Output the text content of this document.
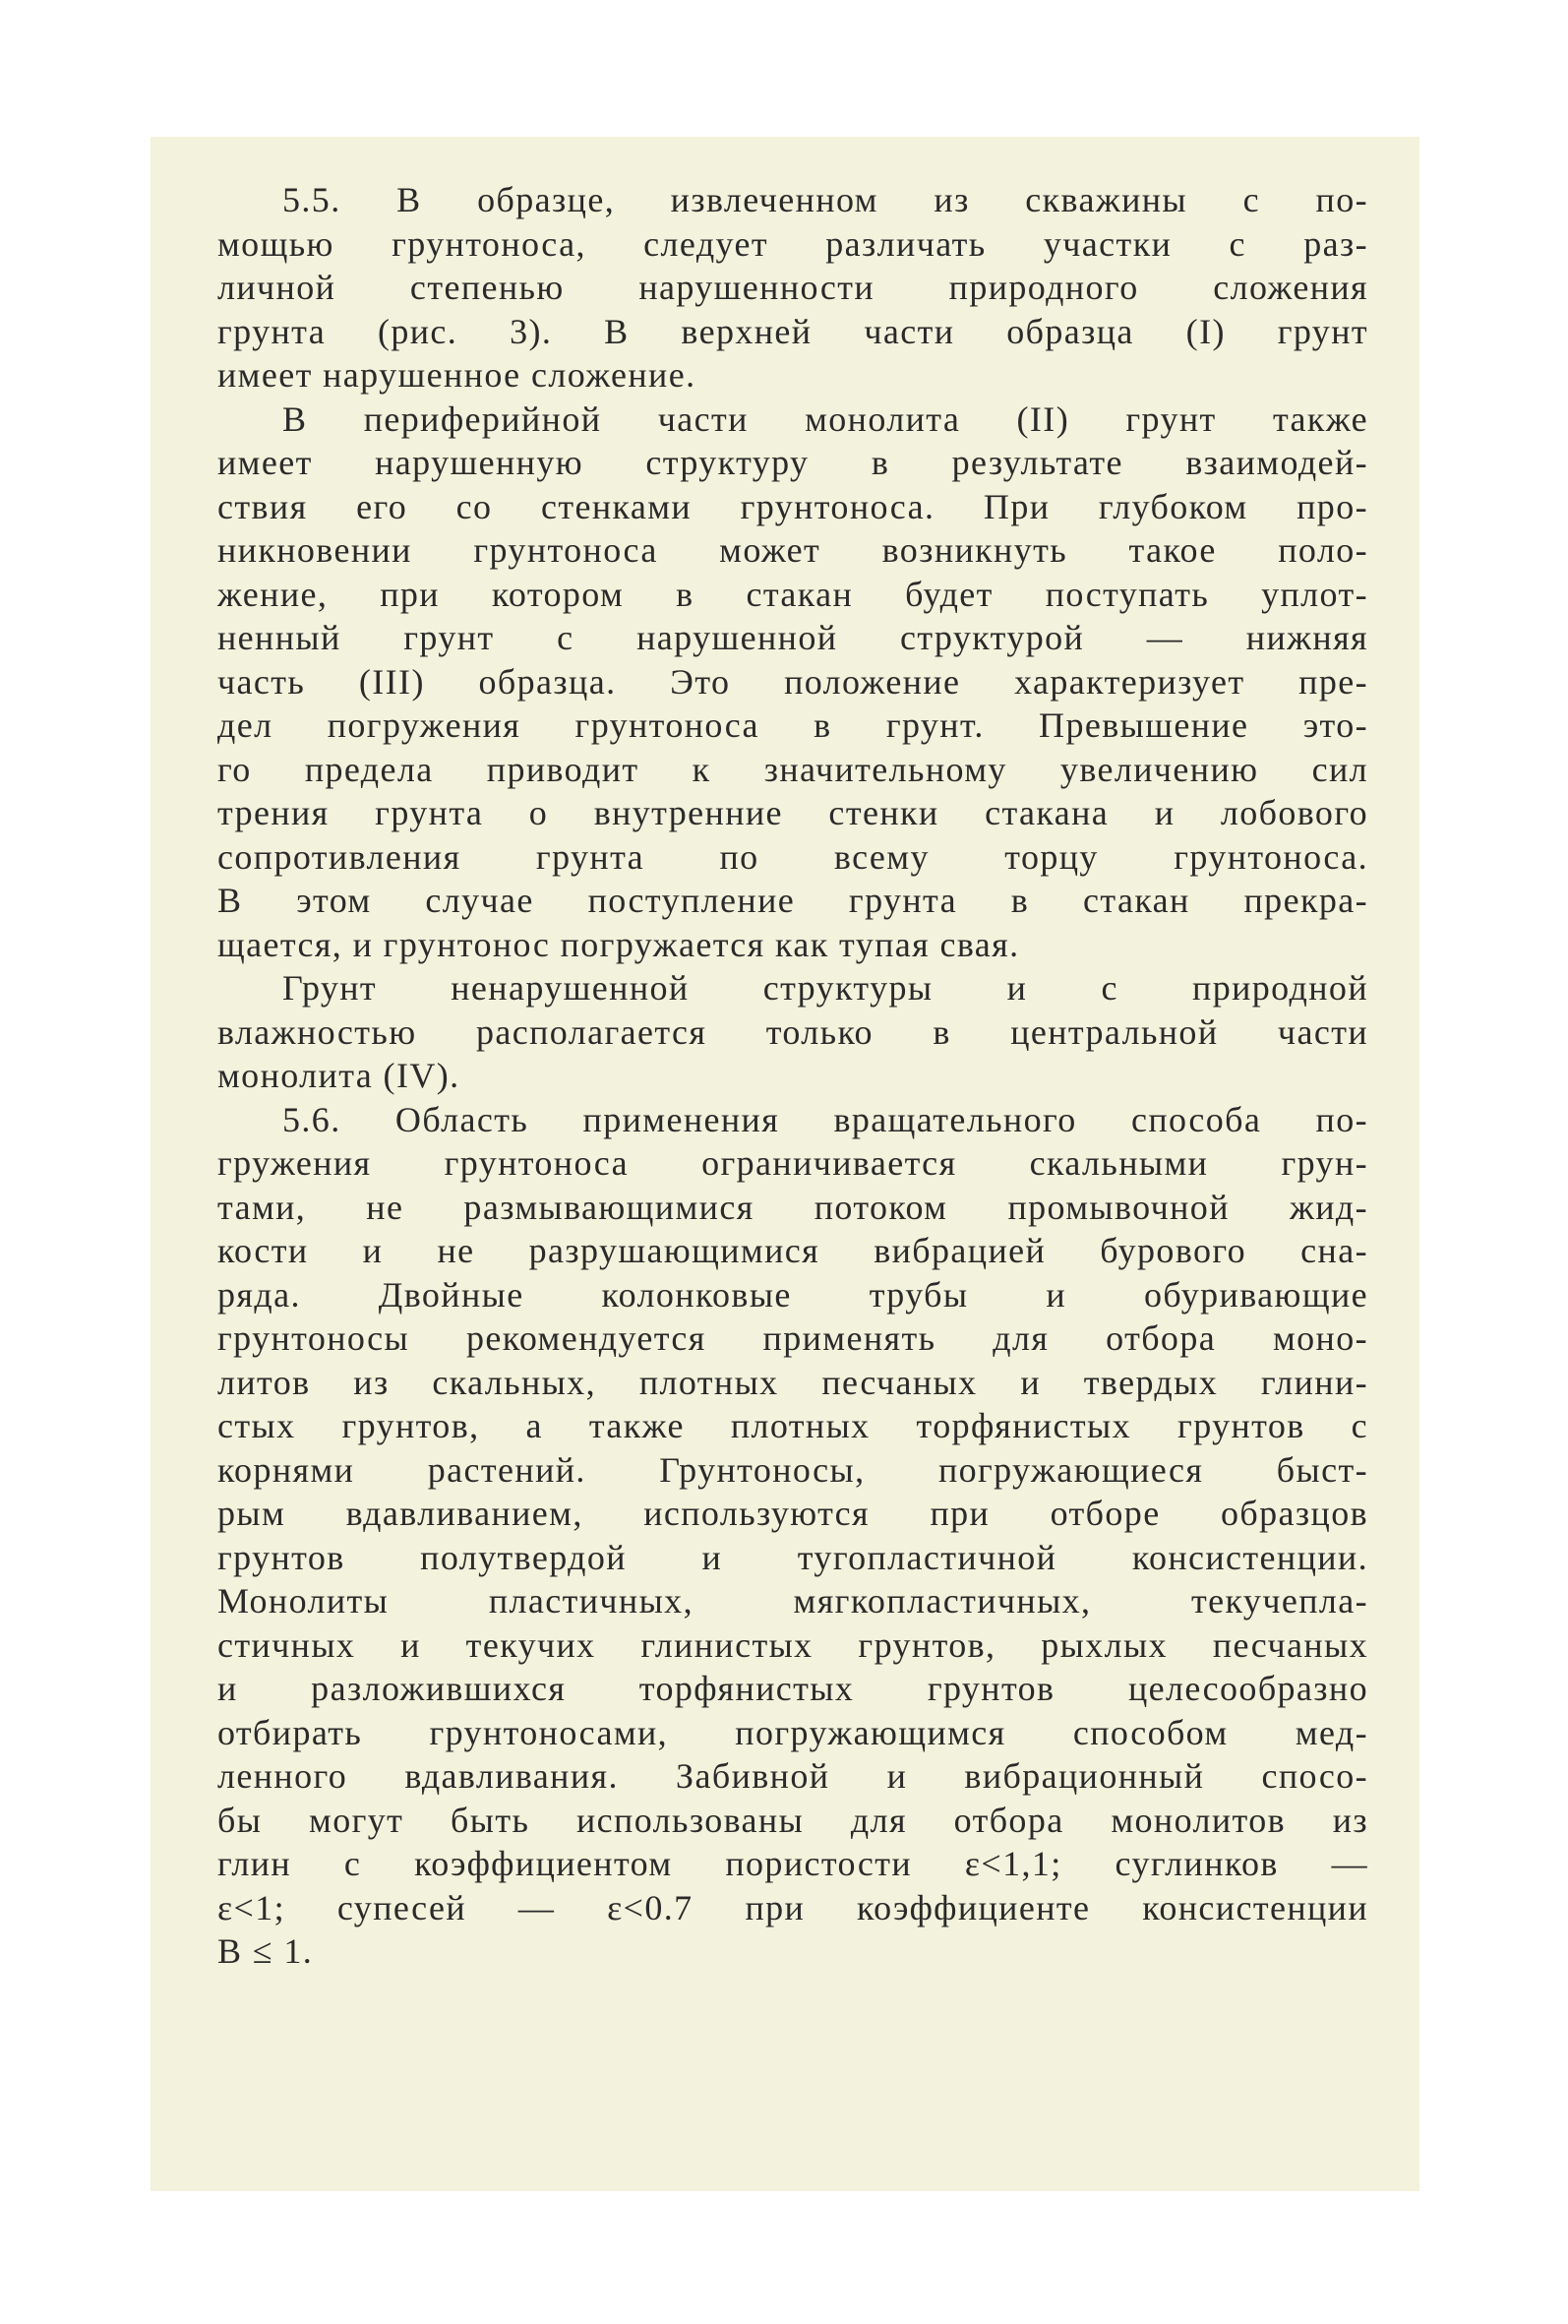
5.5. В образце, извлеченном из скважины с по-
мощью грунтоноса, следует различать участки с раз-
личной степенью нарушенности природного сложения
грунта (рис. 3). В верхней части образца (I) грунт
имеет нарушенное сложение.
В периферийной части монолита (II) грунт также
имеет нарушенную структуру в результате взаимодей-
ствия его со стенками грунтоноса. При глубоком про-
никновении грунтоноса может возникнуть такое поло-
жение, при котором в стакан будет поступать уплот-
ненный грунт с нарушенной структурой — нижняя
часть (III) образца. Это положение характеризует пре-
дел погружения грунтоноса в грунт. Превышение это-
го предела приводит к значительному увеличению сил
трения грунта о внутренние стенки стакана и лобового
сопротивления грунта по всему торцу грунтоноса.
В этом случае поступление грунта в стакан прекра-
щается, и грунтонос погружается как тупая свая.
Грунт ненарушенной структуры и с природной
влажностью располагается только в центральной части
монолита (IV).
5.6. Область применения вращательного способа по-
гружения грунтоноса ограничивается скальными грун-
тами, не размывающимися потоком промывочной жид-
кости и не разрушающимися вибрацией бурового сна-
ряда. Двойные колонковые трубы и обуривающие
грунтоносы рекомендуется применять для отбора моно-
литов из скальных, плотных песчаных и твердых глини-
стых грунтов, а также плотных торфянистых грунтов с
корнями растений. Грунтоносы, погружающиеся быст-
рым вдавливанием, используются при отборе образцов
грунтов полутвердой и тугопластичной консистенции.
Монолиты пластичных, мягкопластичных, текучепла-
стичных и текучих глинистых грунтов, рыхлых песчаных
и разложившихся торфянистых грунтов целесообразно
отбирать грунтоносами, погружающимся способом мед-
ленного вдавливания. Забивной и вибрационный спосо-
бы могут быть использованы для отбора монолитов из
глин с коэффициентом пористости ε<1,1; суглинков —
ε<1; супесей — ε<0.7 при коэффициенте консистенции
B ≤ 1.
